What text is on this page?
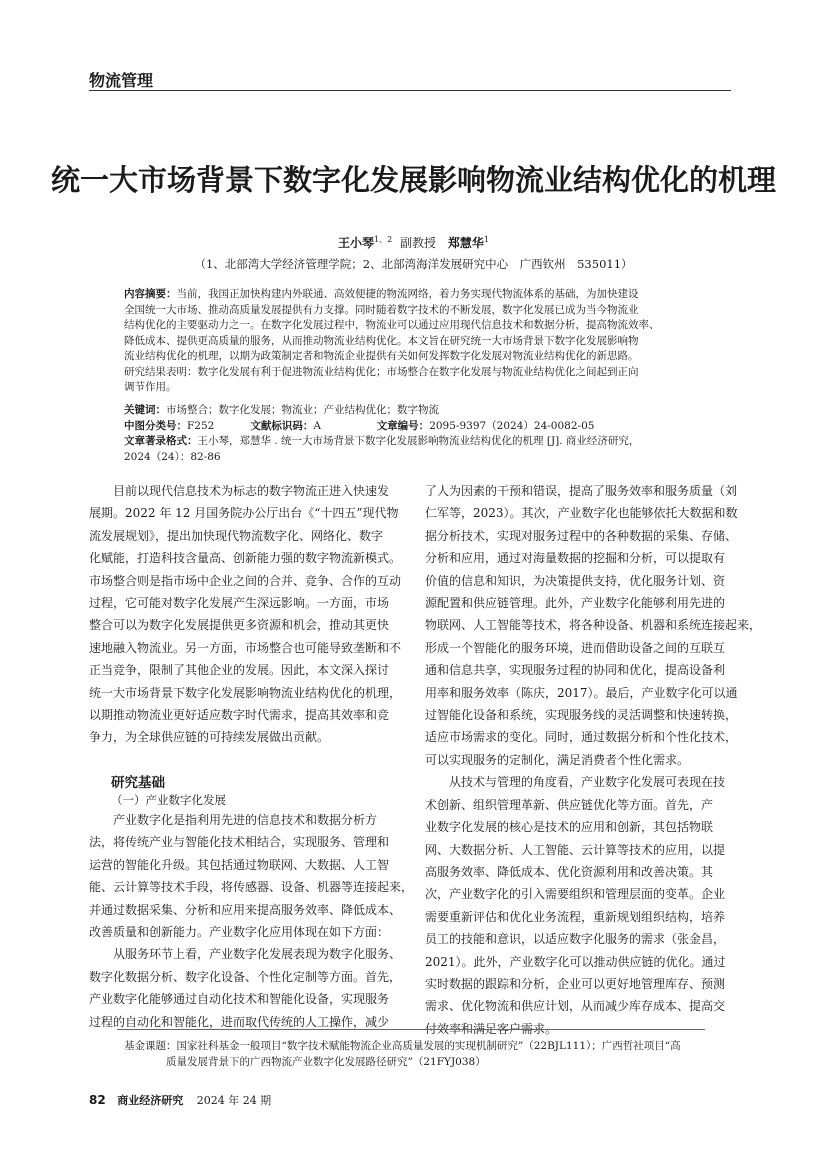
物流管理
统一大市场背景下数字化发展影响物流业结构优化的机理
王小琴$^{1、2}$ 副教授 郑慧华$^1$
（1、北部湾大学经济管理学院；2、北部湾海洋发展研究中心　广西钦州　535011）
内容摘要：当前，我国正加快构建内外联通、高效便捷的物流网络，着力务实现代物流体系的基础，为加快建设
全国统一大市场、推动高质量发展提供有力支撑。同时随着数字技术的不断发展，数字化发展已成为当今物流业
结构优化的主要驱动力之一。在数字化发展过程中，物流业可以通过应用现代信息技术和数据分析，提高物流效率、
降低成本、提供更高质量的服务，从而推动物流业结构优化。本文旨在研究统一大市场背景下数字化发展影响物
流业结构优化的机理，以期为政策制定者和物流企业提供有关如何发挥数字化发展对物流业结构优化的新思路。
研究结果表明：数字化发展有利于促进物流业结构优化；市场整合在数字化发展与物流业结构优化之间起到正向
调节作用。
关键词：市场整合；数字化发展；物流业；产业结构优化；数字物流
中图分类号：F252	文献标识码：A	文章编号：2095-9397（2024）24-0082-05
文章著录格式：王小琴，郑慧华 . 统一大市场背景下数字化发展影响物流业结构优化的机理 [J]. 商业经济研究，
2024（24）：82-86

目前以现代信息技术为标志的数字物流正进入快速发

展期。2022 年 12 月国务院办公厅出台《“十四五”现代物

流发展规划》，提出加快现代物流数字化、网络化、数字

化赋能，打造科技含量高、创新能力强的数字物流新模式。

市场整合则是指市场中企业之间的合并、竞争、合作的互动

过程，它可能对数字化发展产生深远影响。一方面，市场

整合可以为数字化发展提供更多资源和机会，推动其更快

速地融入物流业。另一方面，市场整合也可能导致垄断和不

正当竞争，限制了其他企业的发展。因此，本文深入探讨

统一大市场背景下数字化发展影响物流业结构优化的机理，

以期推动物流业更好适应数字时代需求，提高其效率和竞

争力，为全球供应链的可持续发展做出贡献。

研究基础
（一）产业数字化发展

产业数字化是指利用先进的信息技术和数据分析方

法，将传统产业与智能化技术相结合，实现服务、管理和

运营的智能化升级。其包括通过物联网、大数据、人工智

能、云计算等技术手段，将传感器、设备、机器等连接起来，

并通过数据采集、分析和应用来提高服务效率、降低成本、

改善质量和创新能力。产业数字化应用体现在如下方面：

从服务环节上看，产业数字化发展表现为数字化服务、

数字化数据分析、数字化设备、个性化定制等方面。首先，

产业数字化能够通过自动化技术和智能化设备，实现服务

过程的自动化和智能化，进而取代传统的人工操作，减少

了人为因素的干预和错误，提高了服务效率和服务质量（刘

仁军等，2023）。其次，产业数字化也能够依托大数据和数

据分析技术，实现对服务过程中的各种数据的采集、存储、

分析和应用，通过对海量数据的挖掘和分析，可以提取有

价值的信息和知识，为决策提供支持，优化服务计划、资

源配置和供应链管理。此外，产业数字化能够利用先进的

物联网、人工智能等技术，将各种设备、机器和系统连接起来，

形成一个智能化的服务环境，进而借助设备之间的互联互

通和信息共享，实现服务过程的协同和优化，提高设备利

用率和服务效率（陈庆，2017）。最后，产业数字化可以通

过智能化设备和系统，实现服务线的灵活调整和快速转换，

适应市场需求的变化。同时，通过数据分析和个性化技术，

可以实现服务的定制化，满足消费者个性化需求。

从技术与管理的角度看，产业数字化发展可表现在技

术创新、组织管理革新、供应链优化等方面。首先，产

业数字化发展的核心是技术的应用和创新，其包括物联

网、大数据分析、人工智能、云计算等技术的应用，以提

高服务效率、降低成本、优化资源利用和改善决策。其

次，产业数字化的引入需要组织和管理层面的变革。企业

需要重新评估和优化业务流程，重新规划组织结构，培养

员工的技能和意识，以适应数字化服务的需求（张金昌，

2021）。此外，产业数字化可以推动供应链的优化。通过

实时数据的跟踪和分析，企业可以更好地管理库存、预测

需求、优化物流和供应计划，从而减少库存成本、提高交

付效率和满足客户需求。

基金课题：国家社科基金一般项目“数字技术赋能物流企业高质量发展的实现机制研究”（22BJL111）；广西哲社项目“高
质量发展背景下的广西物流产业数字化发展路径研究”（21FYJ038）
82 商业经济研究 2024 年 24 期
